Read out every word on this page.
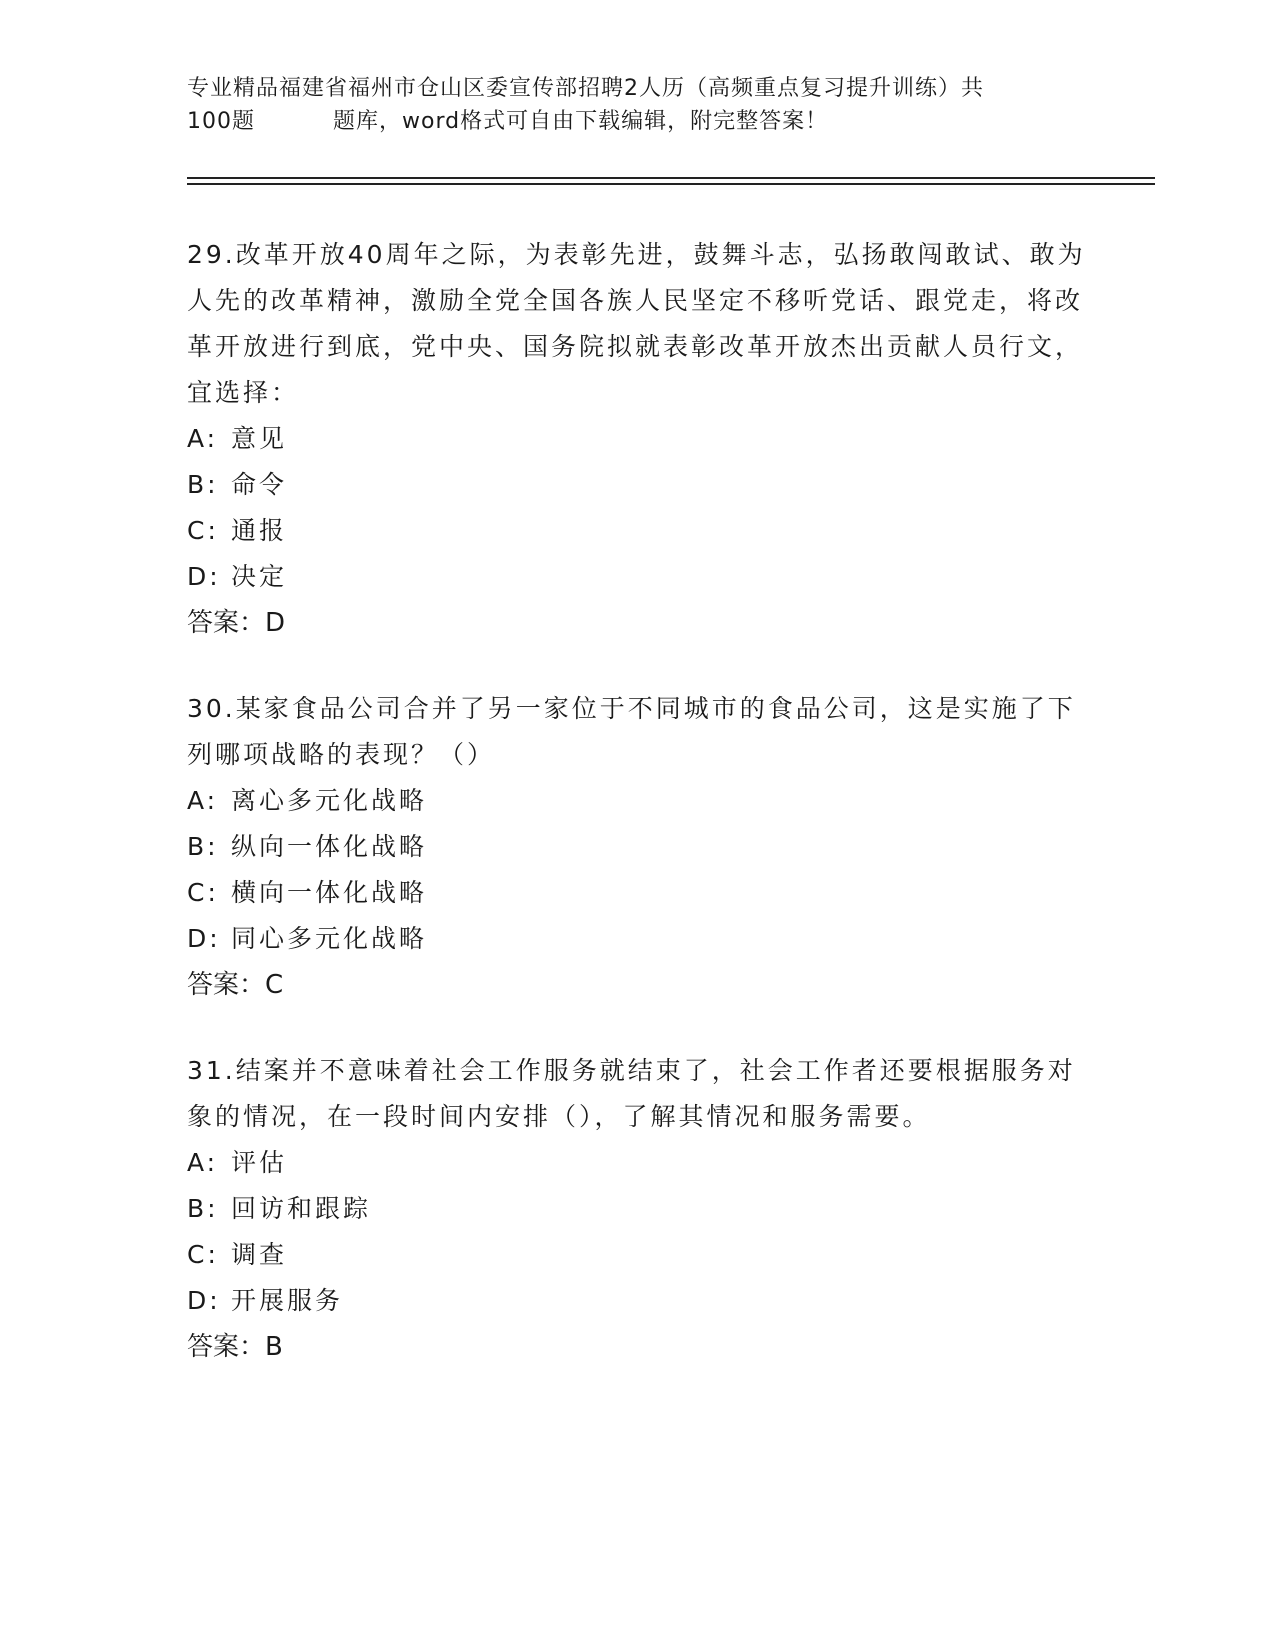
专业精品福建省福州市仓山区委宣传部招聘2人历（高频重点复习提升训练）共
100题	题库，word格式可自由下载编辑，附完整答案！

29.改革开放40周年之际，为表彰先进，鼓舞斗志，弘扬敢闯敢试、敢为人先的改革精神，激励全党全国各族人民坚定不移听党话、跟党走，将改革开放进行到底，党中央、国务院拟就表彰改革开放杰出贡献人员行文，宜选择：

A: 意见

B: 命令

C: 通报

D: 决定

答案：D

30.某家食品公司合并了另一家位于不同城市的食品公司，这是实施了下列哪项战略的表现？（）

A: 离心多元化战略

B: 纵向一体化战略

C: 横向一体化战略

D: 同心多元化战略

答案：C

31.结案并不意味着社会工作服务就结束了，社会工作者还要根据服务对象的情况，在一段时间内安排（），了解其情况和服务需要。

A: 评估

B: 回访和跟踪

C: 调查

D: 开展服务

答案：B
